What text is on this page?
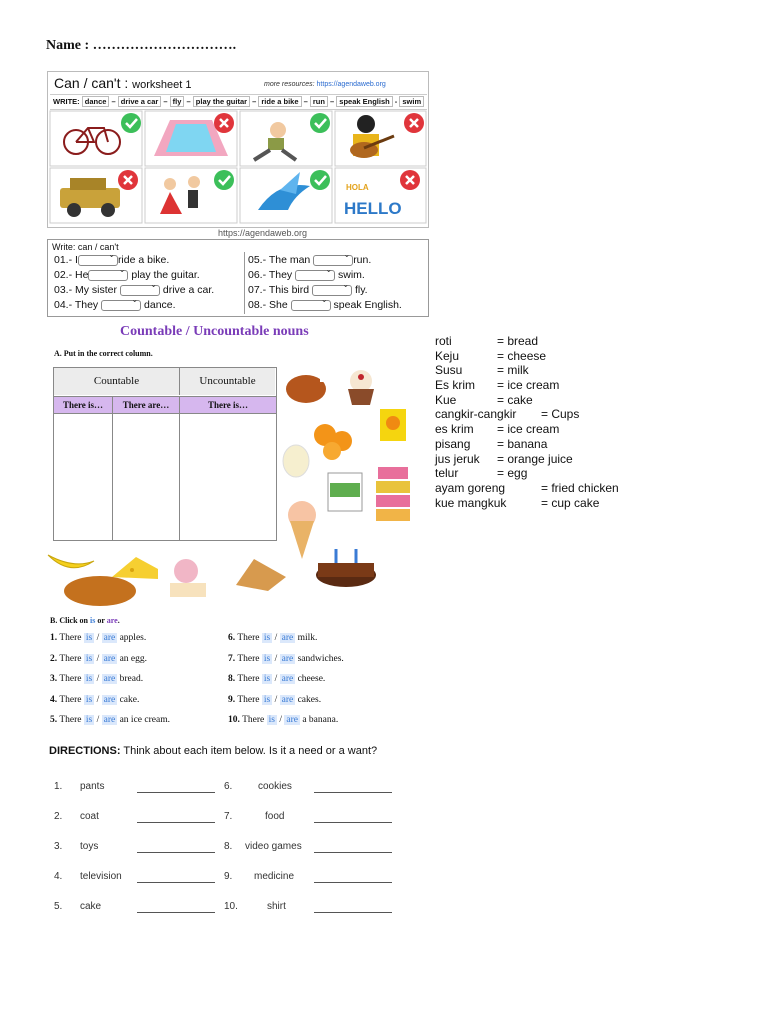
Name : ………………………….
Can / can't : worksheet 1	more resources: https://agendaweb.org
WRITE: dance – drive a car – fly – play the guitar – ride a bike – run – speak English - swim
HOLA
HELLO
https://agendaweb.org
Write: can / can't
01.- I ⌄	ride a bike.
02.- He ⌄	play the guitar.
03.- My sister ⌄	drive a car.
04.- They ⌄	dance.
05.- The man ⌄	run.
06.- They ⌄	swim.
07.- This bird ⌄	fly.
08.- She ⌄	speak English.
Countable / Uncountable nouns
A. Put in the correct column.
Countable	Uncountable
There is…	There are…	There is…
roti	= bread
Keju	= cheese
Susu	= milk
Es krim = ice cream
Kue	= cake
cangkir-cangkir = Cups
es krim = ice cream
pisang = banana
jus jeruk = orange juice
telur	= egg
ayam goreng	= fried chicken
kue mangkuk	= cup cake
B. Click on is or are.
1. There is / are apples.
2. There is / are an egg.
3. There is / are bread.
4. There is / are cake.
5. There is / are an ice cream.
6. There is / are milk.
7. There is / are sandwiches.
8. There is / are cheese.
9. There is / are cakes.
10. There is / are a banana.
DIRECTIONS: Think about each item below. Is it a need or a want?
1. pants
2. coat
3. toys
4. television
5. cake
6.	cookies
7.	food
8. video games
9. medicine
10.	shirt
